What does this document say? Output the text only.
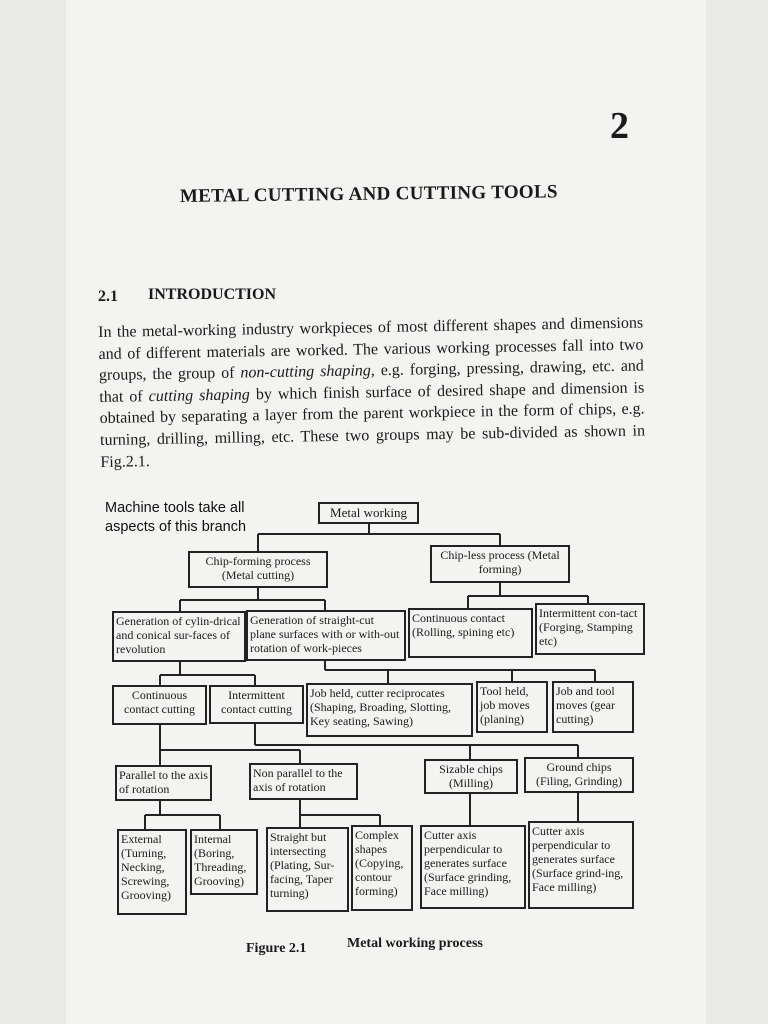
2
METAL CUTTING AND CUTTING TOOLS
2.1 INTRODUCTION

In the metal-working industry workpieces of most different shapes and dimensions and of different materials are worked. The various working processes fall into two groups, the group of non-cutting shaping, e.g. forging, pressing, drawing, etc. and that of cutting shaping by which finish surface of desired shape and dimension is obtained by separating a layer from the parent workpiece in the form of chips, e.g. turning, drilling, milling, etc. These two groups may be sub-divided as shown in Fig.2.1.

Machine tools take all aspects of this branch
Metal working
Chip-forming process (Metal cutting)
Chip-less process (Metal forming)
Generation of cylin-drical and conical sur-faces of revolution
Generation of straight-cut plane surfaces with or with-out rotation of work-pieces
Continuous contact (Rolling, spining etc)
Intermittent con-tact (Forging, Stamping etc)
Continuous contact cutting
Intermittent contact cutting
Job held, cutter reciprocates (Shaping, Broading, Slotting, Key seating, Sawing)
Tool held, job moves (planing)
Job and tool moves (gear cutting)
Parallel to the axis of rotation
Non parallel to the axis of rotation
Sizable chips (Milling)
Ground chips (Filing, Grinding)
External (Turning, Necking, Screwing, Grooving)
Internal (Boring, Threading, Grooving)
Straight but intersecting (Plating, Sur-facing, Taper turning)
Complex shapes (Copying, contour forming)
Cutter axis perpendicular to generates surface (Surface grinding, Face milling)
Cutter axis perpendicular to generates surface (Surface grind-ing, Face milling)
Figure 2.1	Metal working process
